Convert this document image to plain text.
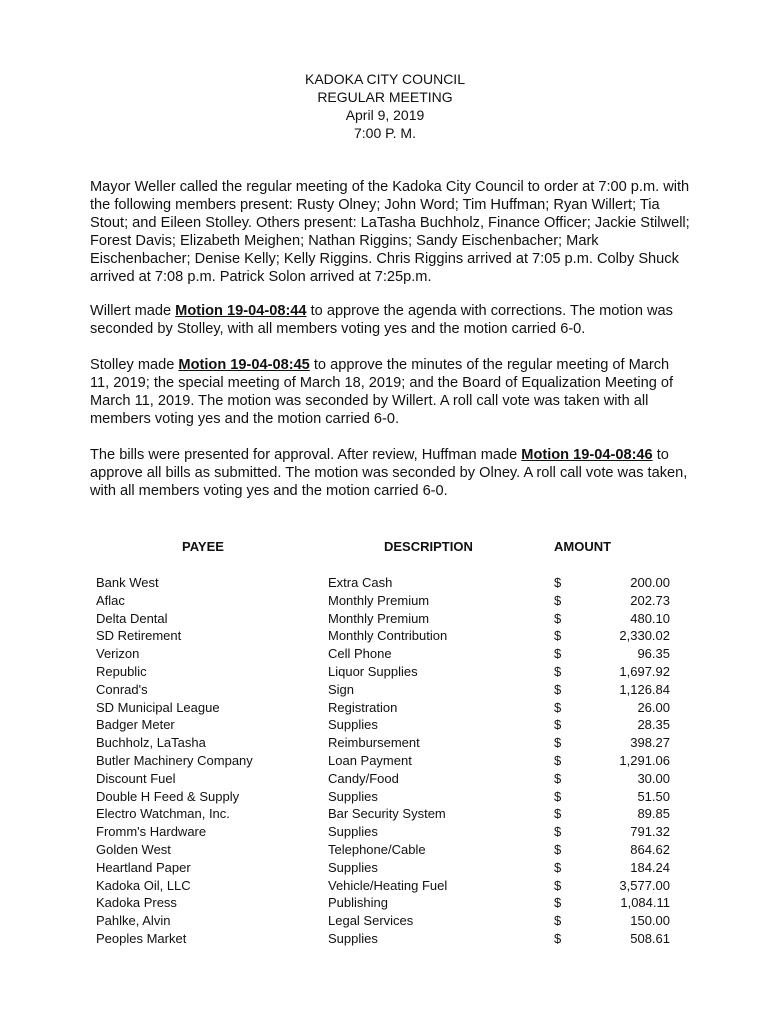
KADOKA CITY COUNCIL
REGULAR MEETING
April 9, 2019
7:00 P. M.

Mayor Weller called the regular meeting of the Kadoka City Council to order at 7:00 p.m. with the following members present: Rusty Olney; John Word; Tim Huffman; Ryan Willert; Tia Stout; and Eileen Stolley. Others present: LaTasha Buchholz, Finance Officer; Jackie Stilwell; Forest Davis; Elizabeth Meighen; Nathan Riggins; Sandy Eischenbacher; Mark Eischenbacher; Denise Kelly; Kelly Riggins. Chris Riggins arrived at 7:05 p.m. Colby Shuck arrived at 7:08 p.m. Patrick Solon arrived at 7:25p.m.

Willert made Motion 19-04-08:44 to approve the agenda with corrections. The motion was seconded by Stolley, with all members voting yes and the motion carried 6-0.

Stolley made Motion 19-04-08:45 to approve the minutes of the regular meeting of March 11, 2019; the special meeting of March 18, 2019; and the Board of Equalization Meeting of March 11, 2019. The motion was seconded by Willert. A roll call vote was taken with all members voting yes and the motion carried 6-0.

The bills were presented for approval. After review, Huffman made Motion 19-04-08:46 to approve all bills as submitted. The motion was seconded by Olney. A roll call vote was taken, with all members voting yes and the motion carried 6-0.

PAYEE	DESCRIPTION	AMOUNT
Bank West	Extra Cash	$	200.00
Aflac	Monthly Premium	$	202.73
Delta Dental	Monthly Premium	$	480.10
SD Retirement	Monthly Contribution	$	2,330.02
Verizon	Cell Phone	$	96.35
Republic	Liquor Supplies	$	1,697.92
Conrad's	Sign	$	1,126.84
SD Municipal League	Registration	$	26.00
Badger Meter	Supplies	$	28.35
Buchholz, LaTasha	Reimbursement	$	398.27
Butler Machinery Company	Loan Payment	$	1,291.06
Discount Fuel	Candy/Food	$	30.00
Double H Feed & Supply	Supplies	$	51.50
Electro Watchman, Inc.	Bar Security System	$	89.85
Fromm's Hardware	Supplies	$	791.32
Golden West	Telephone/Cable	$	864.62
Heartland Paper	Supplies	$	184.24
Kadoka Oil, LLC	Vehicle/Heating Fuel	$	3,577.00
Kadoka Press	Publishing	$	1,084.11
Pahlke, Alvin	Legal Services	$	150.00
Peoples Market	Supplies	$	508.61
